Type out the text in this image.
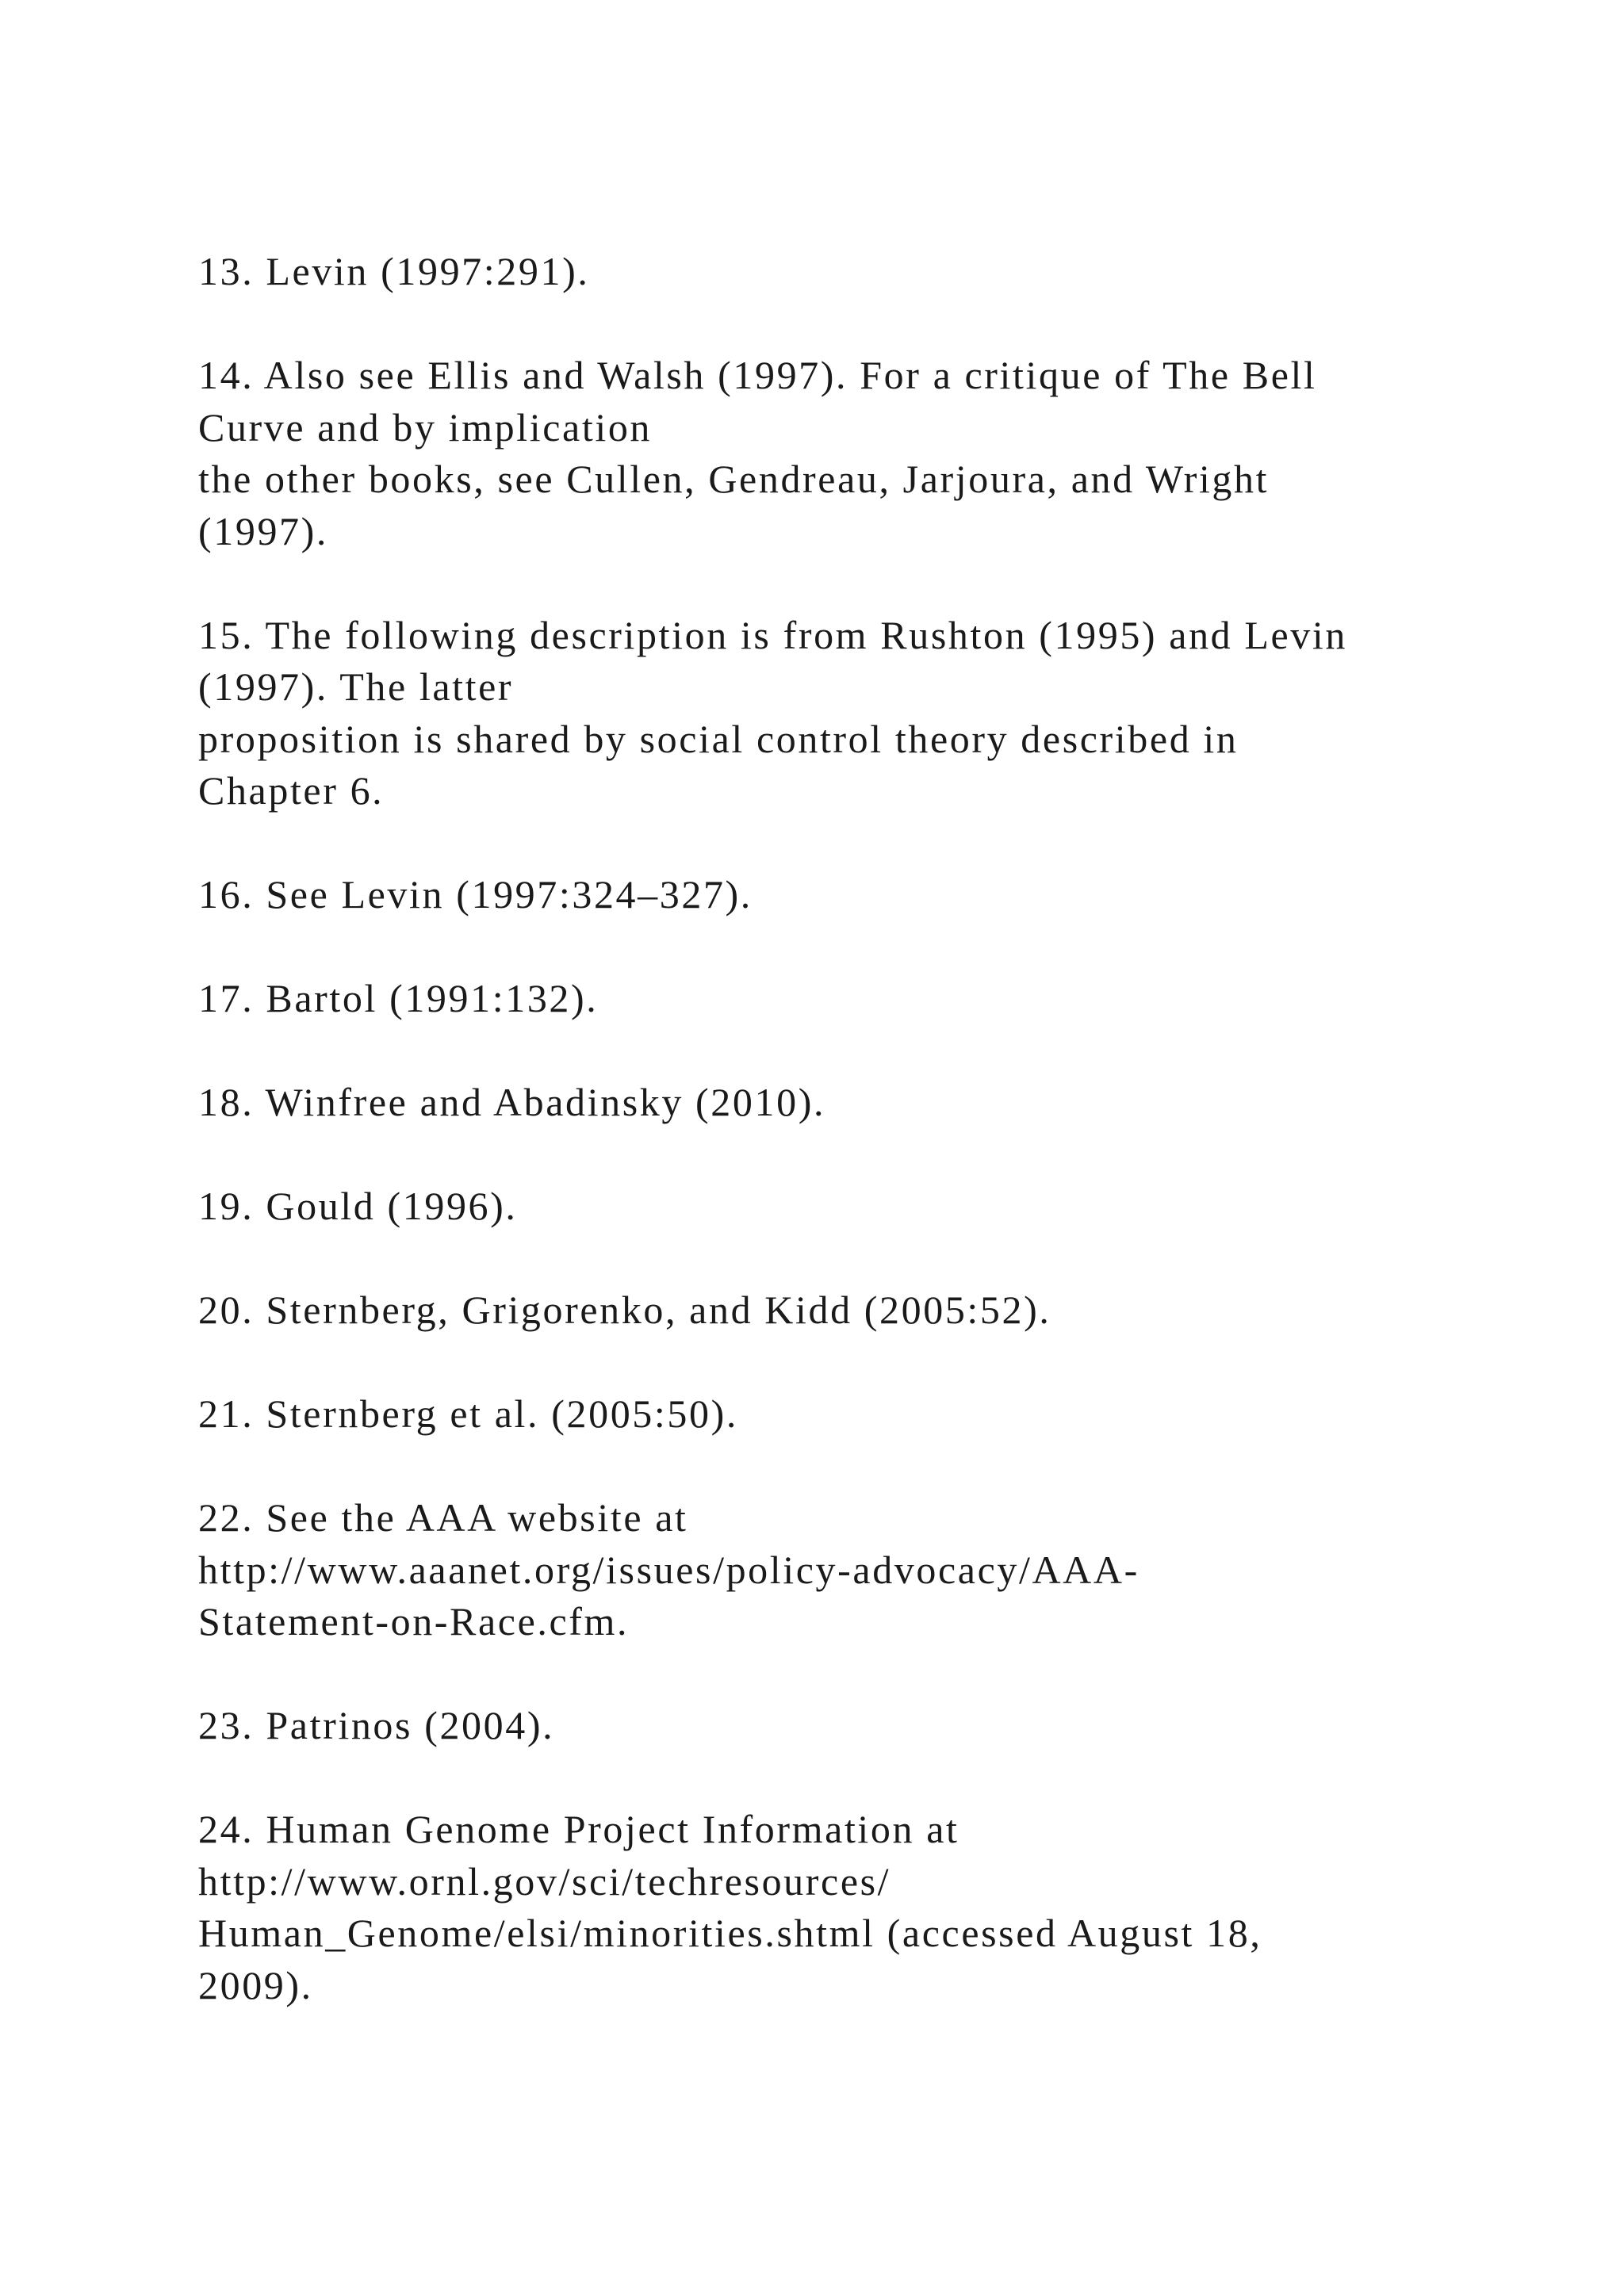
13. Levin (1997:291).
14. Also see Ellis and Walsh (1997). For a critique of The Bell
Curve and by implication
the other books, see Cullen, Gendreau, Jarjoura, and Wright
(1997).
15. The following description is from Rushton (1995) and Levin
(1997). The latter
proposition is shared by social control theory described in
Chapter 6.
16. See Levin (1997:324–327).
17. Bartol (1991:132).
18. Winfree and Abadinsky (2010).
19. Gould (1996).
20. Sternberg, Grigorenko, and Kidd (2005:52).
21. Sternberg et al. (2005:50).
22. See the AAA website at
http://www.aaanet.org/issues/policy-advocacy/AAA-
Statement-on-Race.cfm.
23. Patrinos (2004).
24. Human Genome Project Information at
http://www.ornl.gov/sci/techresources/
Human_Genome/elsi/minorities.shtml (accessed August 18,
2009).
